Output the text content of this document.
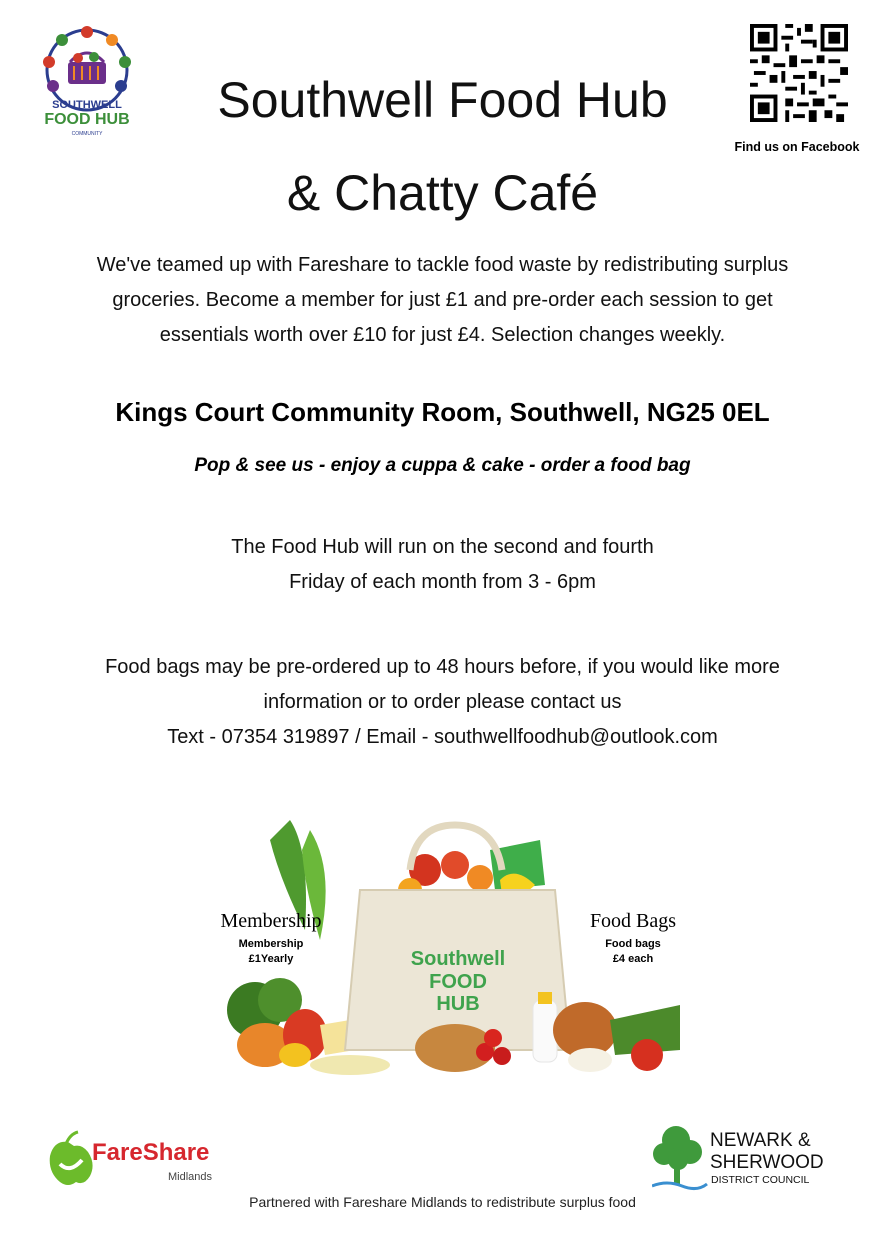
SOUTHWELL
FOOD HUB
COMMUNITY
Southwell Food Hub
& Chatty Café
Find us on Facebook
We've teamed up with Fareshare to tackle food waste by redistributing surplus
groceries. Become a member for just £1 and pre-order each session to get
essentials worth over £10 for just £4. Selection changes weekly.
Kings Court Community Room, Southwell, NG25 0EL
Pop & see us - enjoy a cuppa & cake - order a food bag
The Food Hub will run on the second and fourth
Friday of each month from 3 - 6pm
Food bags may be pre-ordered up to 48 hours before, if you would like more
information or to order please contact us
Text - 07354 319897 / Email - southwellfoodhub@outlook.com
Southwell
FOOD
HUB
Membership
Membership
£1Yearly
Food Bags
Food bags
£4 each
FareShare
Midlands
NEWARK &
SHERWOOD
DISTRICT COUNCIL
Partnered with Fareshare Midlands to redistribute surplus food
